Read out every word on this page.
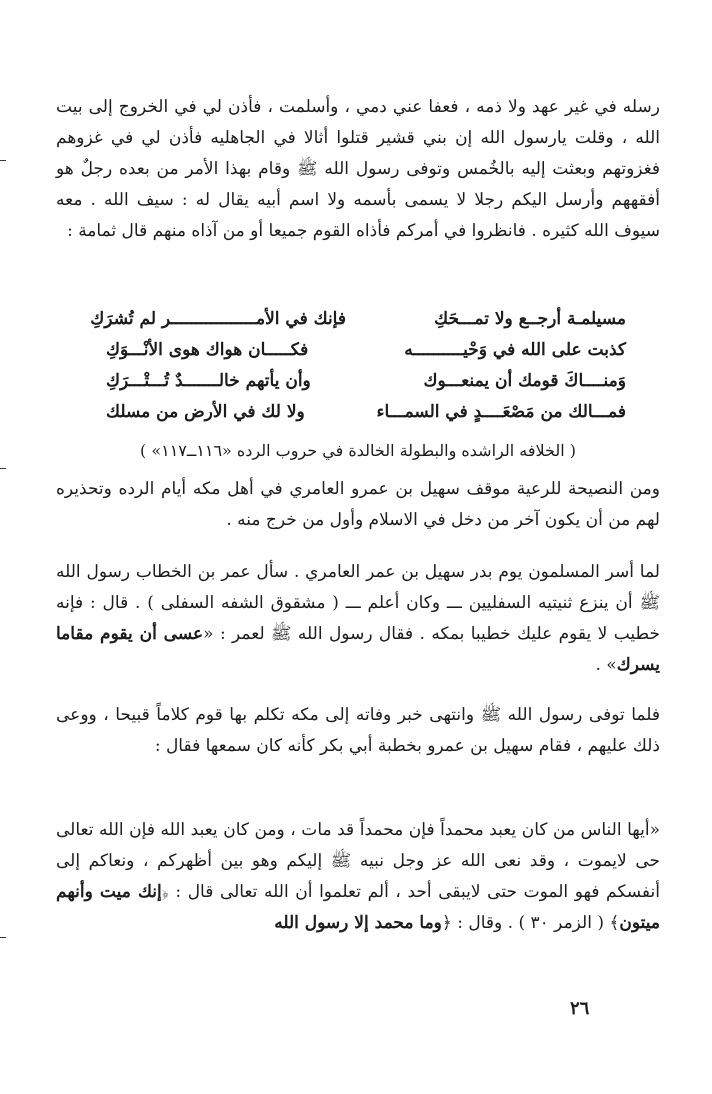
رسله في غير عهد ولا ذمه ، فعفا عني دمي ، وأسلمت ، فأذن لي في الخروج إلى بيت الله ، وقلت يارسول الله إن بني قشير قتلوا أثالا في الجاهليه فأذن لي في غزوهم فغزوتهم وبعثت إليه بالخُمس وتوفى رسول الله ﷺ وقام بهذا الأمر من بعده رجلٌ هو أفقههم وأرسل اليكم رجلا لا يسمى بأسمه ولا اسم أبيه يقال له : سيف الله . معه سيوف الله كثيره . فانظروا في أمركم فأذاه القوم جميعا أو من آذاه منهم قال ثمامة :
مسيلمـة أرجــع ولا تمـــحَكِ
فإنك في الأمـــــــــــــــــر لم تُشرَكِ
كذبت على الله في وَحْيــــــــــه
فكـــــان هواك هوى الأنْـــوَكِ
وَمنــــاكَ قومك أن يمنعـــوك
وأن يأتهم خالـــــــدٌ تُـــتْـــرَكِ
فمـــالك من مَصْعَــــدٍ في السمـــاء
ولا لك في الأرض من مسلك
( الخلافه الراشده والبطولة الخالدة في حروب الرده «١١٦ــ١١٧» )
ومن النصيحة للرعية موقف سهيل بن عمرو العامري في أهل مكه أيام الرده وتحذيره لهم من أن يكون آخر من دخل في الاسلام وأول من خرج منه .
لما أسر المسلمون يوم بدر سهيل بن عمر العامري . سأل عمر بن الخطاب رسول الله ﷺ أن ينزع ثنيتيه السفليين ـــ وكان أعلم ـــ ( مشقوق الشفه السفلى ) . قال : فإنه خطيب لا يقوم عليك خطيبا بمكه . فقال رسول الله ﷺ لعمر : «عسى أن يقوم مقاما يسرك» .
فلما توفى رسول الله ﷺ وانتهى خبر وفاته إلى مكه تكلم بها قوم كلاماً قبيحا ، ووعى ذلك عليهم ، فقام سهيل بن عمرو بخطبة أبي بكر كأنه كان سمعها فقال :
«أيها الناس من كان يعبد محمداً فإن محمداً قد مات ، ومن كان يعبد الله فإن الله تعالى حى لايموت ، وقد نعى الله عز وجل نبيه ﷺ إليكم وهو بين أظهركم ، ونعاكم إلى أنفسكم فهو الموت حتى لايبقى أحد ، ألم تعلموا أن الله تعالى قال : ﴿إنك ميت وأنهم ميتون﴾ ( الزمر ٣٠ ) . وقال : ﴿وما محمد إلا رسول الله
٢٦
